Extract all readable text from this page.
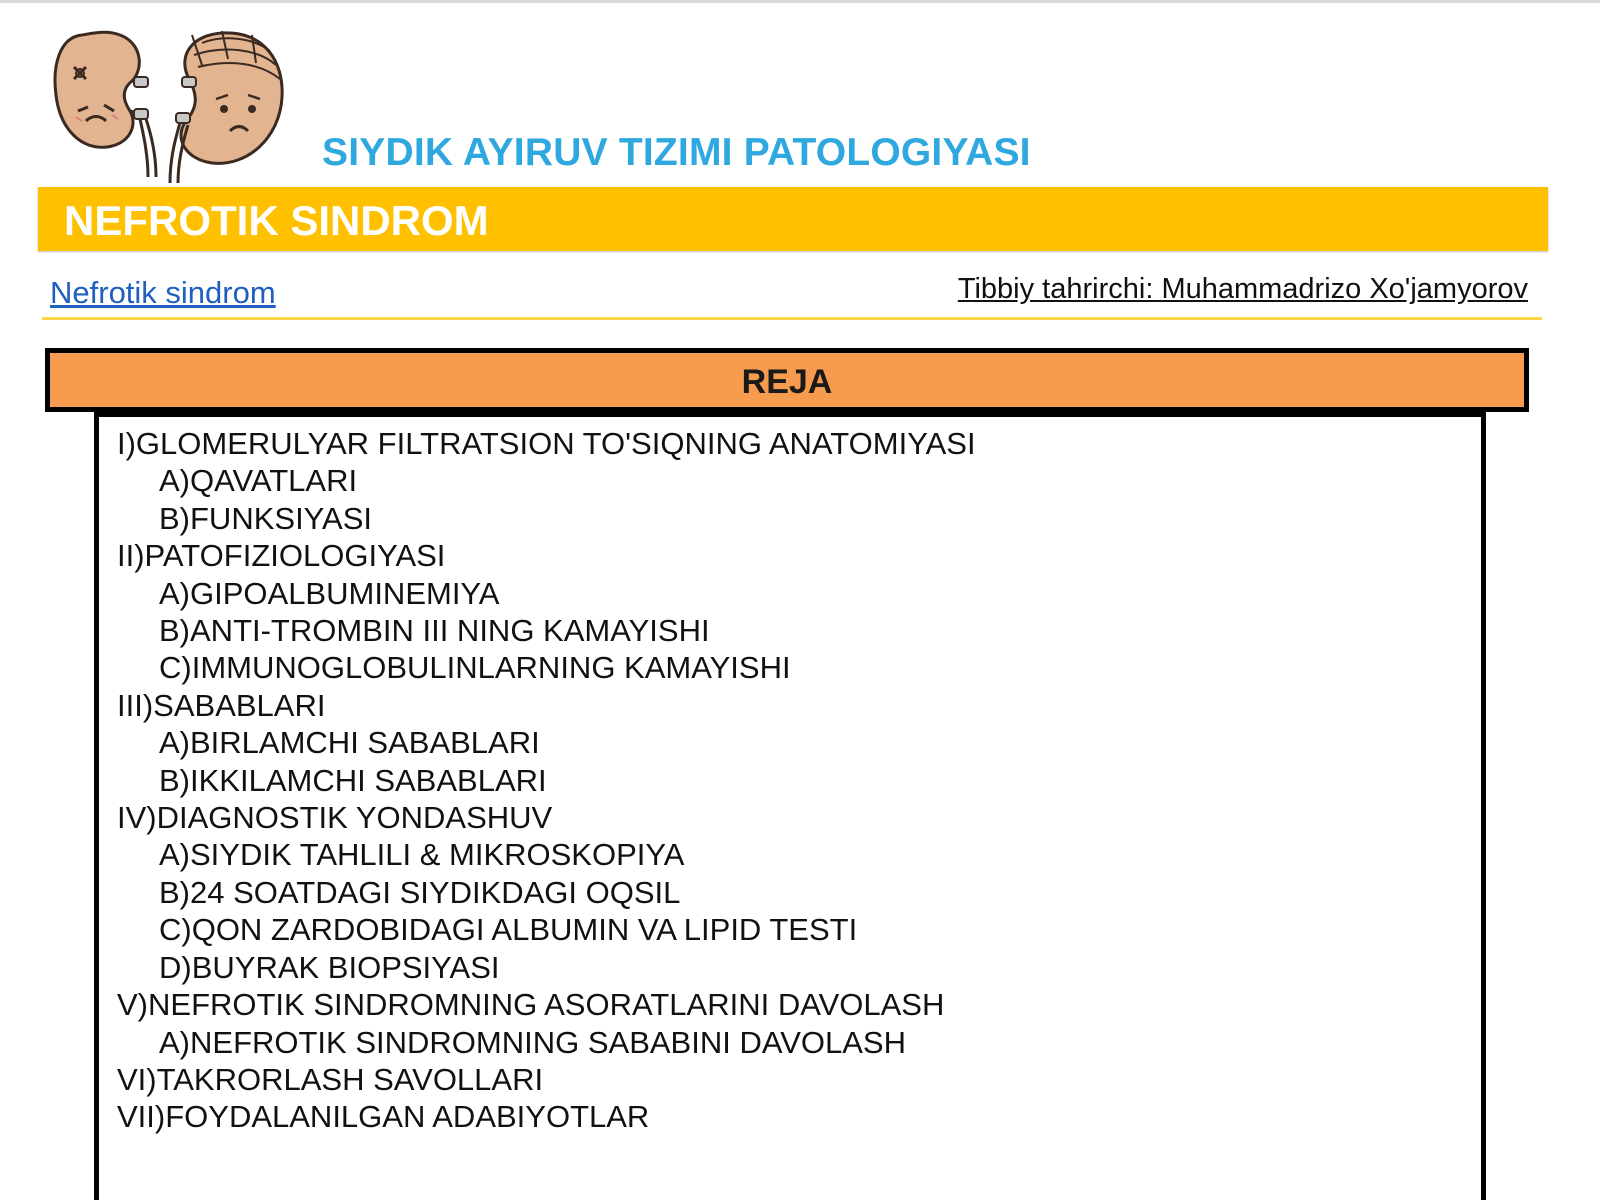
SIYDIK AYIRUV TIZIMI PATOLOGIYASI
NEFROTIK SINDROM
Nefrotik sindrom	Tibbiy tahrirchi: Muhammadrizo Xo'jamyorov
REJA
I)GLOMERULYAR FILTRATSION TO'SIQNING ANATOMIYASI
A)QAVATLARI
B)FUNKSIYASI
II)PATOFIZIOLOGIYASI
A)GIPOALBUMINEMIYA
B)ANTI-TROMBIN III NING KAMAYISHI
C)IMMUNOGLOBULINLARNING KAMAYISHI
III)SABABLARI
A)BIRLAMCHI SABABLARI
B)IKKILAMCHI SABABLARI
IV)DIAGNOSTIK YONDASHUV
A)SIYDIK TAHLILI & MIKROSKOPIYA
B)24 SOATDAGI SIYDIKDAGI OQSIL
C)QON ZARDOBIDAGI ALBUMIN VA LIPID TESTI
D)BUYRAK BIOPSIYASI
V)NEFROTIK SINDROMNING ASORATLARINI DAVOLASH
A)NEFROTIK SINDROMNING SABABINI DAVOLASH
VI)TAKRORLASH SAVOLLARI
VII)FOYDALANILGAN ADABIYOTLAR
